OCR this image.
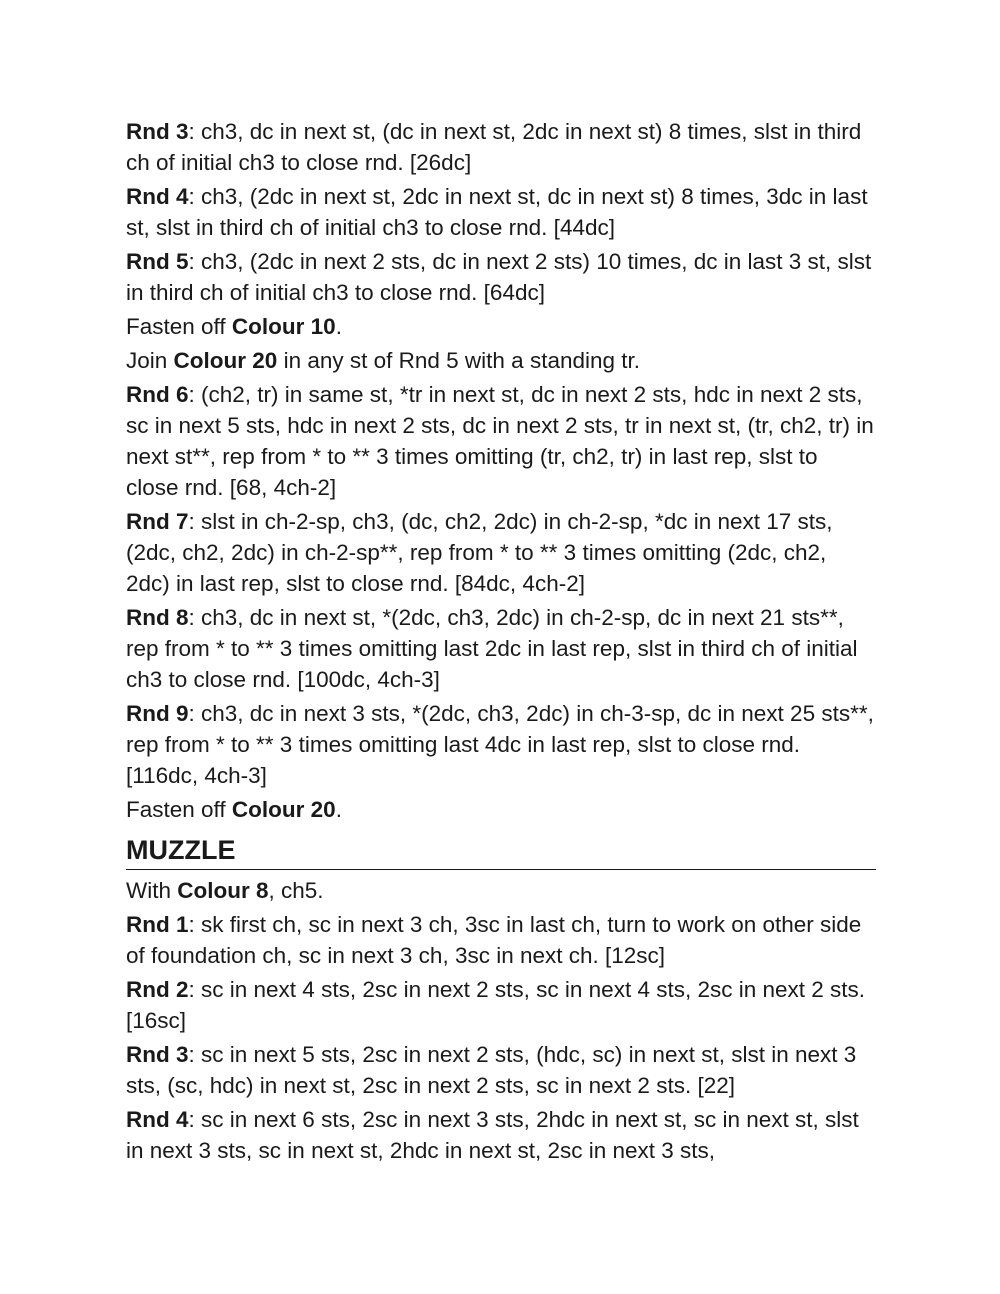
Rnd 3: ch3, dc in next st, (dc in next st, 2dc in next st) 8 times, slst in third ch of initial ch3 to close rnd. [26dc]

Rnd 4: ch3, (2dc in next st, 2dc in next st, dc in next st) 8 times, 3dc in last st, slst in third ch of initial ch3 to close rnd. [44dc]

Rnd 5: ch3, (2dc in next 2 sts, dc in next 2 sts) 10 times, dc in last 3 st, slst in third ch of initial ch3 to close rnd. [64dc]

Fasten off Colour 10.

Join Colour 20 in any st of Rnd 5 with a standing tr.

Rnd 6: (ch2, tr) in same st, *tr in next st, dc in next 2 sts, hdc in next 2 sts, sc in next 5 sts, hdc in next 2 sts, dc in next 2 sts, tr in next st, (tr, ch2, tr) in next st**, rep from * to ** 3 times omitting (tr, ch2, tr) in last rep, slst to close rnd. [68, 4ch-2]

Rnd 7: slst in ch-2-sp, ch3, (dc, ch2, 2dc) in ch-2-sp, *dc in next 17 sts, (2dc, ch2, 2dc) in ch-2-sp**, rep from * to ** 3 times omitting (2dc, ch2, 2dc) in last rep, slst to close rnd. [84dc, 4ch-2]

Rnd 8: ch3, dc in next st, *(2dc, ch3, 2dc) in ch-2-sp, dc in next 21 sts**, rep from * to ** 3 times omitting last 2dc in last rep, slst in third ch of initial ch3 to close rnd. [100dc, 4ch-3]

Rnd 9: ch3, dc in next 3 sts, *(2dc, ch3, 2dc) in ch-3-sp, dc in next 25 sts**, rep from * to ** 3 times omitting last 4dc in last rep, slst to close rnd. [116dc, 4ch-3]

Fasten off Colour 20.

MUZZLE

With Colour 8, ch5.

Rnd 1: sk first ch, sc in next 3 ch, 3sc in last ch, turn to work on other side of foundation ch, sc in next 3 ch, 3sc in next ch. [12sc]

Rnd 2: sc in next 4 sts, 2sc in next 2 sts, sc in next 4 sts, 2sc in next 2 sts. [16sc]

Rnd 3: sc in next 5 sts, 2sc in next 2 sts, (hdc, sc) in next st, slst in next 3 sts, (sc, hdc) in next st, 2sc in next 2 sts, sc in next 2 sts. [22]

Rnd 4: sc in next 6 sts, 2sc in next 3 sts, 2hdc in next st, sc in next st, slst in next 3 sts, sc in next st, 2hdc in next st, 2sc in next 3 sts,
